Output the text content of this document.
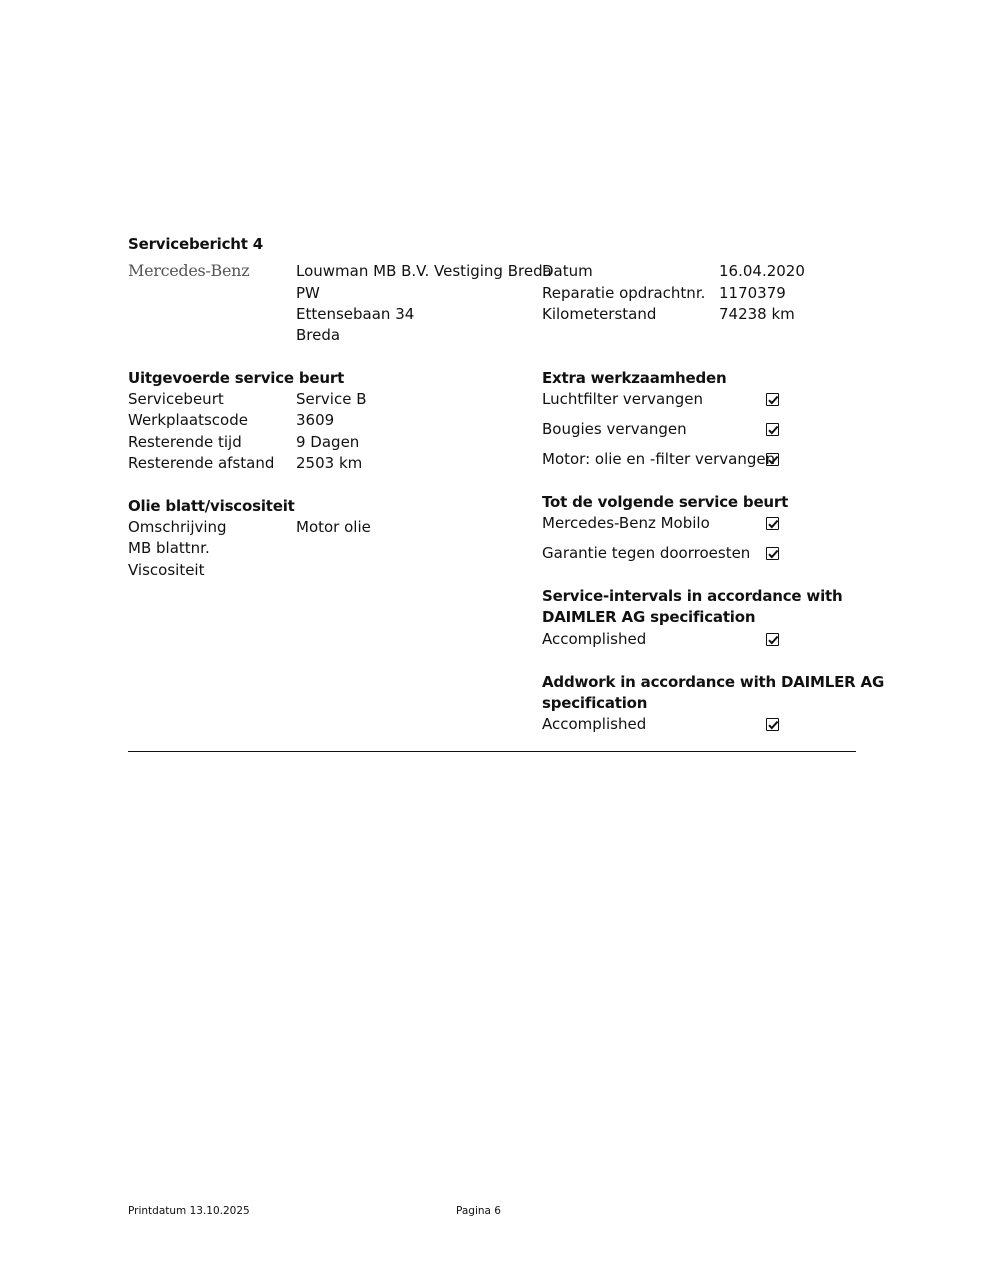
Servicebericht 4
Mercedes-Benz	Louwman MB B.V. Vestiging Breda
PW
Ettensebaan 34
Breda
Datum	16.04.2020
Reparatie opdrachtnr. 1170379
Kilometerstand	74238 km
Uitgevoerde service beurt
Servicebeurt	Service B
Werkplaatscode	3609
Resterende tijd	9 Dagen
Resterende afstand 2503 km
Olie blatt/viscositeit
Omschrijving	Motor olie
MB blattnr.
Viscositeit
Extra werkzaamheden
Luchtfilter vervangen
Bougies vervangen
Motor: olie en -filter vervangen
Tot de volgende service beurt
Mercedes-Benz Mobilo
Garantie tegen doorroesten
Service-intervals in accordance with
DAIMLER AG specification
Accomplished
Addwork in accordance with DAIMLER AG
specification
Accomplished
Printdatum 13.10.2025	Pagina 6
